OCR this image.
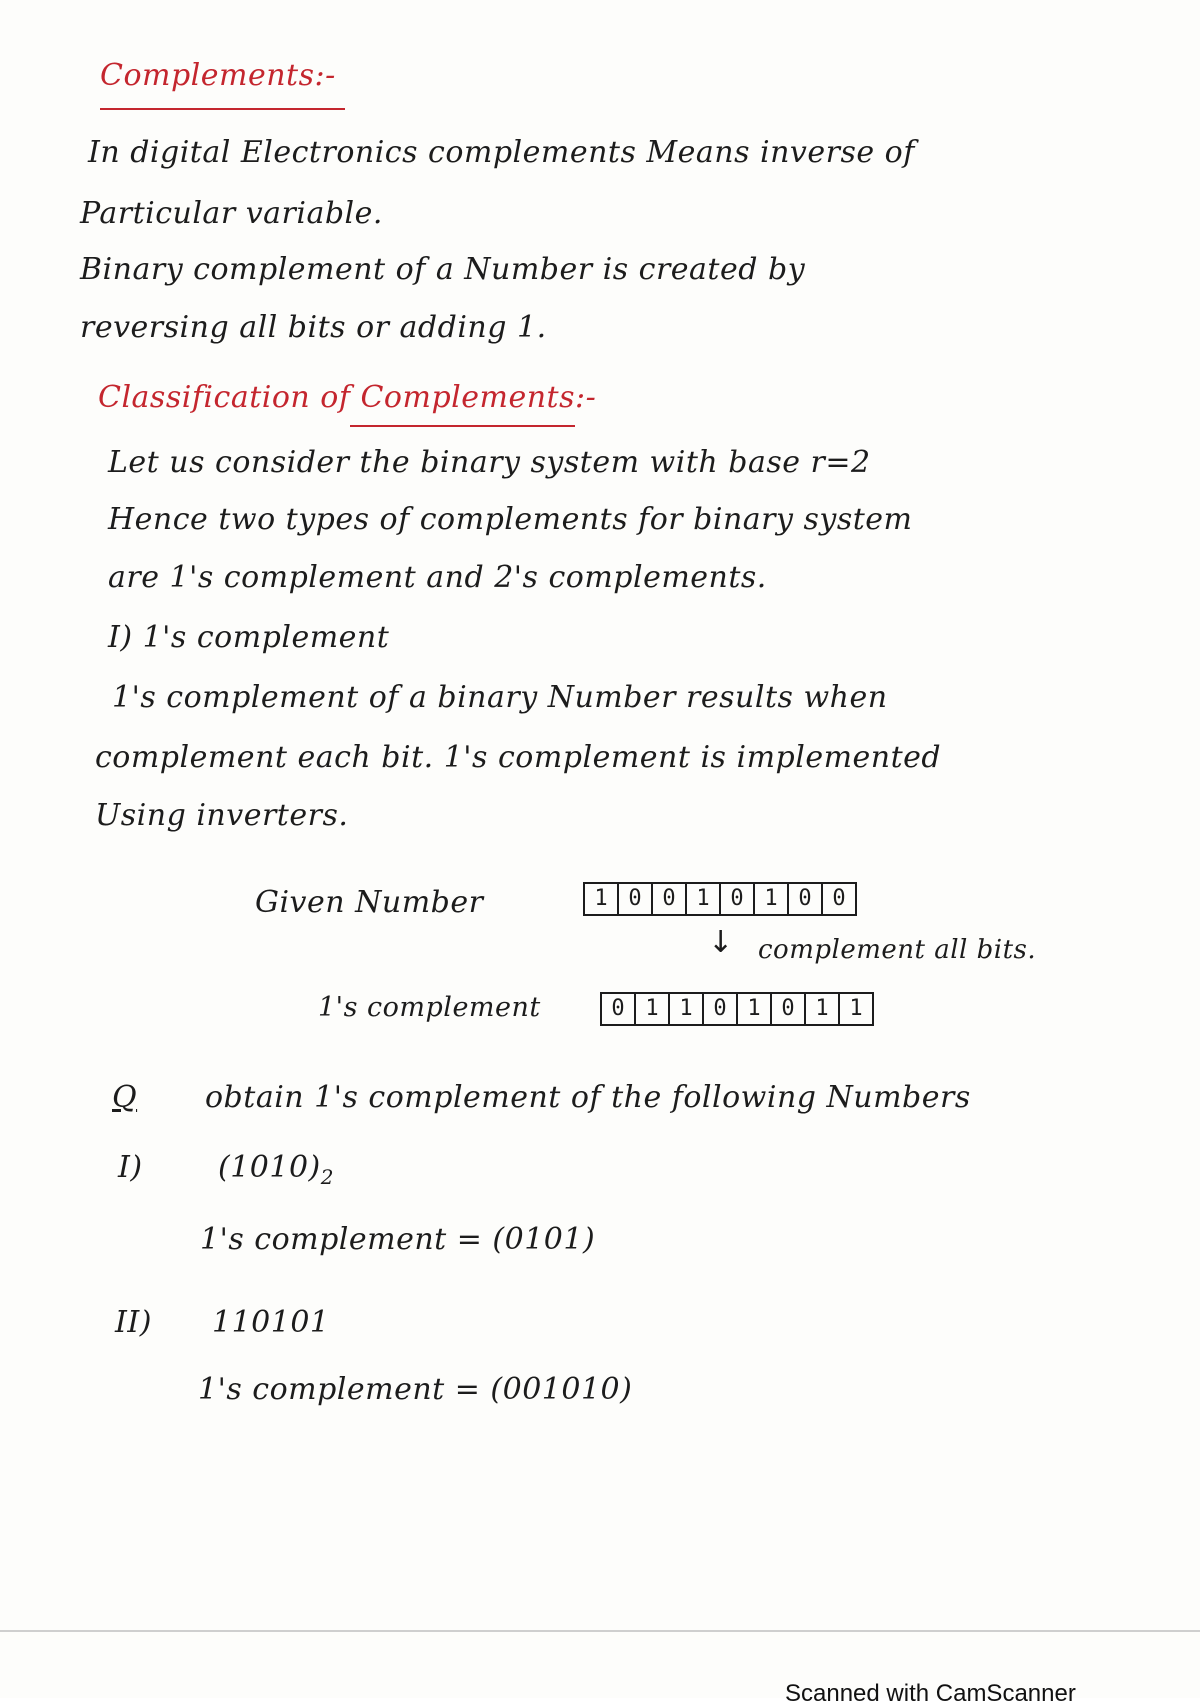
Complements:-

In digital Electronics complements Means inverse of

Particular variable.

Binary complement of a Number is created by

reversing all bits or adding 1.

Classification of Complements:-

Let us consider the binary system with base r=2

Hence two types of complements for binary system

are 1's complement and 2's complements.

I) 1's complement

1's complement of a binary Number results when

complement each bit. 1's complement is implemented

Using inverters.

Given Number	1 0 0 1 0 1 0 0
↓ complement all bits.

1's complement	0 1 1 0 1 0 1 1

Q obtain 1's complement of the following Numbers

I)	$(1010)_2$

1's complement = (0101)

II) 110101

1's complement = (001010)

Scanned with CamScanner
